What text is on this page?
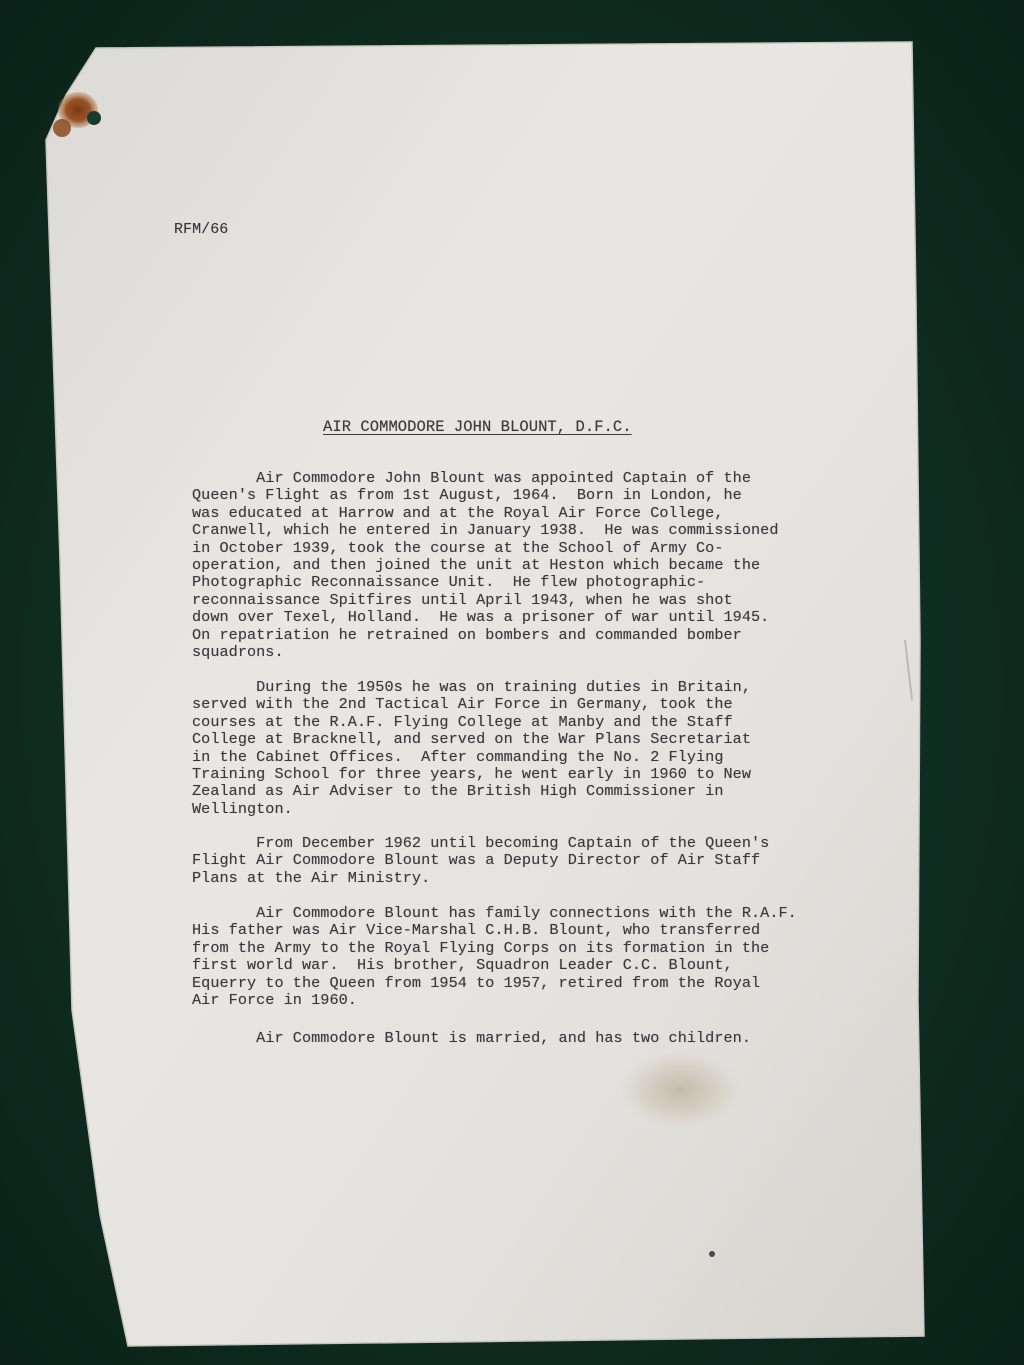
RFM/66
AIR COMMODORE JOHN BLOUNT, D.F.C.

Air Commodore John Blount was appointed Captain of the
Queen's Flight as from 1st August, 1964.  Born in London, he
was educated at Harrow and at the Royal Air Force College,
Cranwell, which he entered in January 1938.  He was commissioned
in October 1939, took the course at the School of Army Co-
operation, and then joined the unit at Heston which became the
Photographic Reconnaissance Unit.  He flew photographic-
reconnaissance Spitfires until April 1943, when he was shot
down over Texel, Holland.  He was a prisoner of war until 1945.
On repatriation he retrained on bombers and commanded bomber
squadrons.

During the 1950s he was on training duties in Britain,
served with the 2nd Tactical Air Force in Germany, took the
courses at the R.A.F. Flying College at Manby and the Staff
College at Bracknell, and served on the War Plans Secretariat
in the Cabinet Offices.  After commanding the No. 2 Flying
Training School for three years, he went early in 1960 to New
Zealand as Air Adviser to the British High Commissioner in
Wellington.

From December 1962 until becoming Captain of the Queen's
Flight Air Commodore Blount was a Deputy Director of Air Staff
Plans at the Air Ministry.

Air Commodore Blount has family connections with the R.A.F.
His father was Air Vice-Marshal C.H.B. Blount, who transferred
from the Army to the Royal Flying Corps on its formation in the
first world war.  His brother, Squadron Leader C.C. Blount,
Equerry to the Queen from 1954 to 1957, retired from the Royal
Air Force in 1960.

Air Commodore Blount is married, and has two children.
